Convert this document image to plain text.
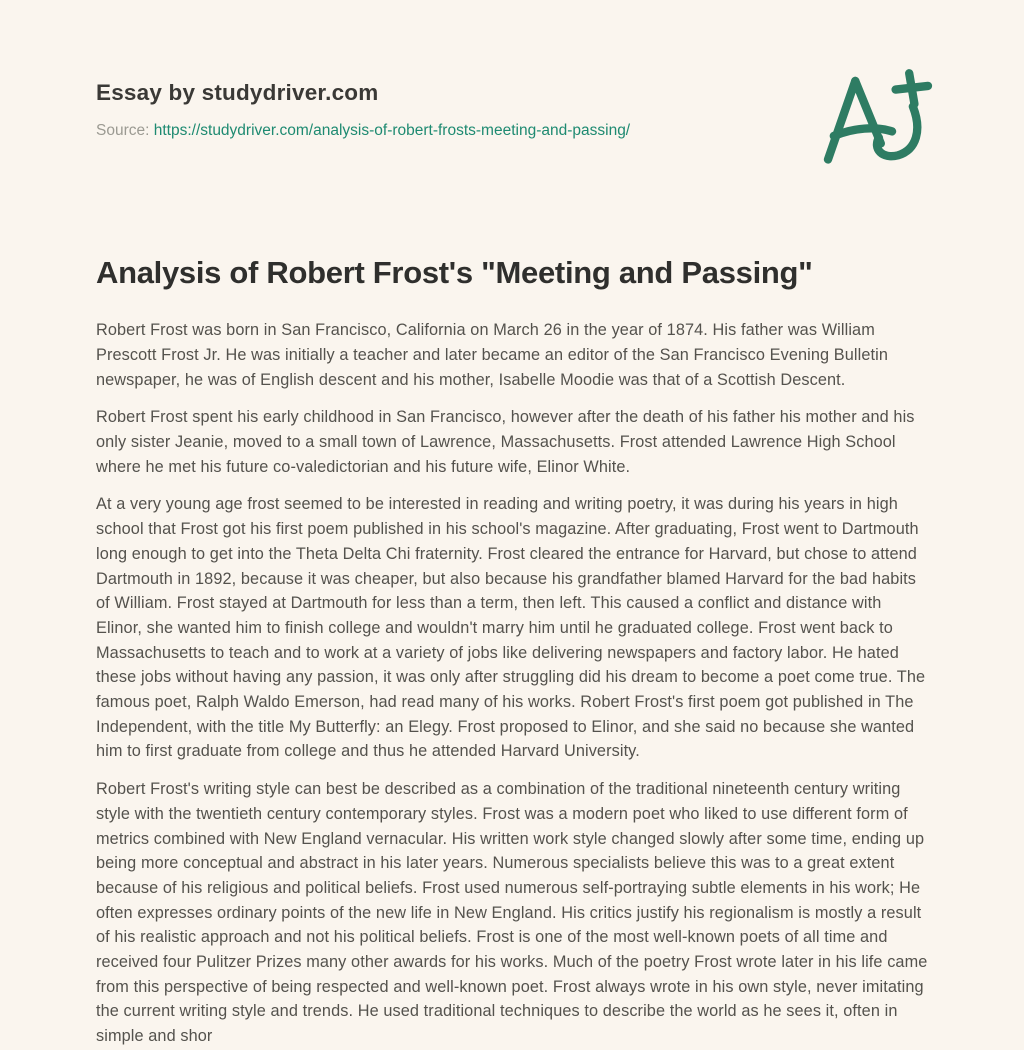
Essay by studydriver.com
Source: https://studydriver.com/analysis-of-robert-frosts-meeting-and-passing/
Analysis of Robert Frost's "Meeting and Passing"

Robert Frost was born in San Francisco, California on March 26 in the year of 1874. His father was William Prescott Frost Jr. He was initially a teacher and later became an editor of the San Francisco Evening Bulletin newspaper, he was of English descent and his mother, Isabelle Moodie was that of a Scottish Descent.

Robert Frost spent his early childhood in San Francisco, however after the death of his father his mother and his only sister Jeanie, moved to a small town of Lawrence, Massachusetts. Frost attended Lawrence High School where he met his future co-valedictorian and his future wife, Elinor White.

At a very young age frost seemed to be interested in reading and writing poetry, it was during his years in high school that Frost got his first poem published in his school's magazine. After graduating, Frost went to Dartmouth long enough to get into the Theta Delta Chi fraternity. Frost cleared the entrance for Harvard, but chose to attend Dartmouth in 1892, because it was cheaper, but also because his grandfather blamed Harvard for the bad habits of William. Frost stayed at Dartmouth for less than a term, then left. This caused a conflict and distance with Elinor, she wanted him to finish college and wouldn't marry him until he graduated college. Frost went back to Massachusetts to teach and to work at a variety of jobs like delivering newspapers and factory labor. He hated these jobs without having any passion, it was only after struggling did his dream to become a poet come true. The famous poet, Ralph Waldo Emerson, had read many of his works. Robert Frost's first poem got published in The Independent, with the title My Butterfly: an Elegy. Frost proposed to Elinor, and she said no because she wanted him to first graduate from college and thus he attended Harvard University.

Robert Frost's writing style can best be described as a combination of the traditional nineteenth century writing style with the twentieth century contemporary styles. Frost was a modern poet who liked to use different form of metrics combined with New England vernacular. His written work style changed slowly after some time, ending up being more conceptual and abstract in his later years. Numerous specialists believe this was to a great extent because of his religious and political beliefs. Frost used numerous self-portraying subtle elements in his work; He often expresses ordinary points of the new life in New England. His critics justify his regionalism is mostly a result of his realistic approach and not his political beliefs. Frost is one of the most well-known poets of all time and received four Pulitzer Prizes many other awards for his works. Much of the poetry Frost wrote later in his life came from this perspective of being respected and well-known poet. Frost always wrote in his own style, never imitating the current writing style and trends. He used traditional techniques to describe the world as he sees it, often in simple and shor
